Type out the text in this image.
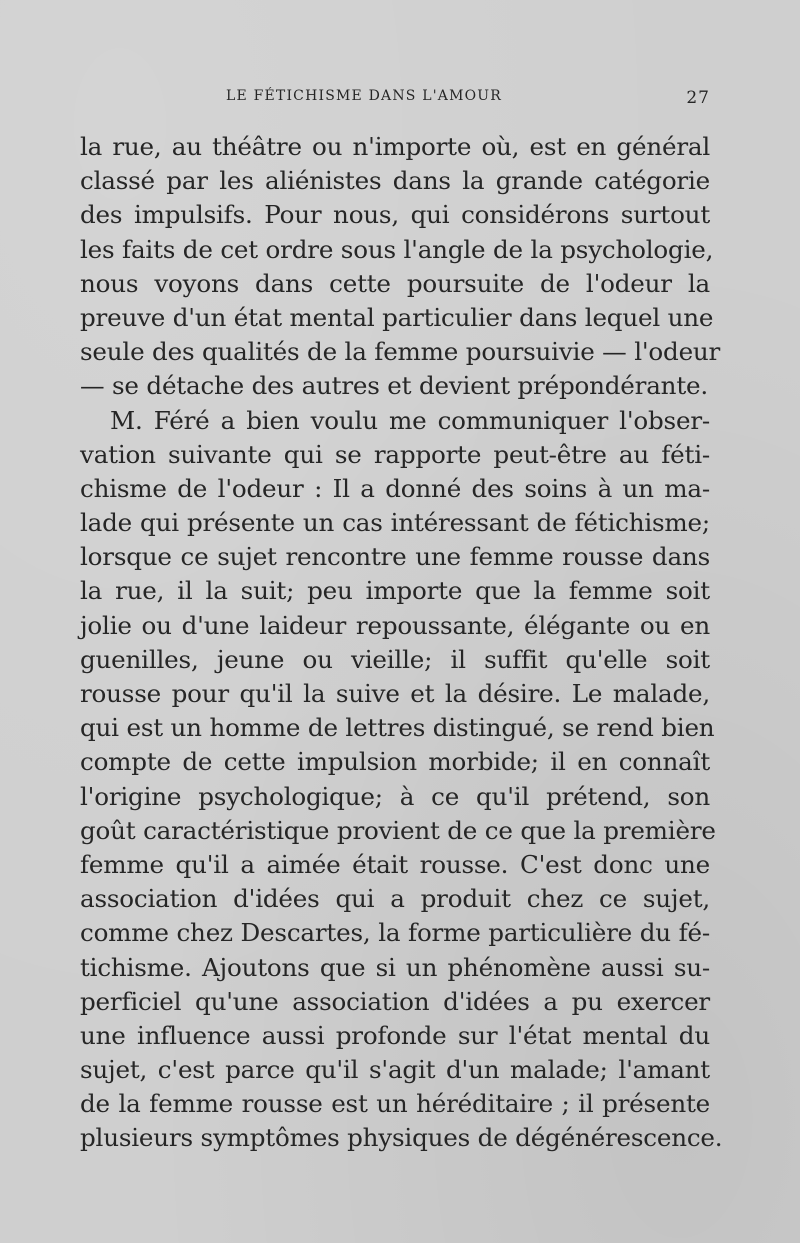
LE FÉTICHISME DANS L'AMOUR	27
la rue, au théâtre ou n'importe où, est en général
classé par les aliénistes dans la grande catégorie
des impulsifs. Pour nous, qui considérons surtout
les faits de cet ordre sous l'angle de la psychologie,
nous voyons dans cette poursuite de l'odeur la
preuve d'un état mental particulier dans lequel une
seule des qualités de la femme poursuivie — l'odeur
— se détache des autres et devient prépondérante.
M. Féré a bien voulu me communiquer l'obser-
vation suivante qui se rapporte peut-être au féti-
chisme de l'odeur : Il a donné des soins à un ma-
lade qui présente un cas intéressant de fétichisme;
lorsque ce sujet rencontre une femme rousse dans
la rue, il la suit; peu importe que la femme soit
jolie ou d'une laideur repoussante, élégante ou en
guenilles, jeune ou vieille; il suffit qu'elle soit
rousse pour qu'il la suive et la désire. Le malade,
qui est un homme de lettres distingué, se rend bien
compte de cette impulsion morbide; il en connaît
l'origine psychologique; à ce qu'il prétend, son
goût caractéristique provient de ce que la première
femme qu'il a aimée était rousse. C'est donc une
association d'idées qui a produit chez ce sujet,
comme chez Descartes, la forme particulière du fé-
tichisme. Ajoutons que si un phénomène aussi su-
perficiel qu'une association d'idées a pu exercer
une influence aussi profonde sur l'état mental du
sujet, c'est parce qu'il s'agit d'un malade; l'amant
de la femme rousse est un héréditaire ; il présente
plusieurs symptômes physiques de dégénérescence.
